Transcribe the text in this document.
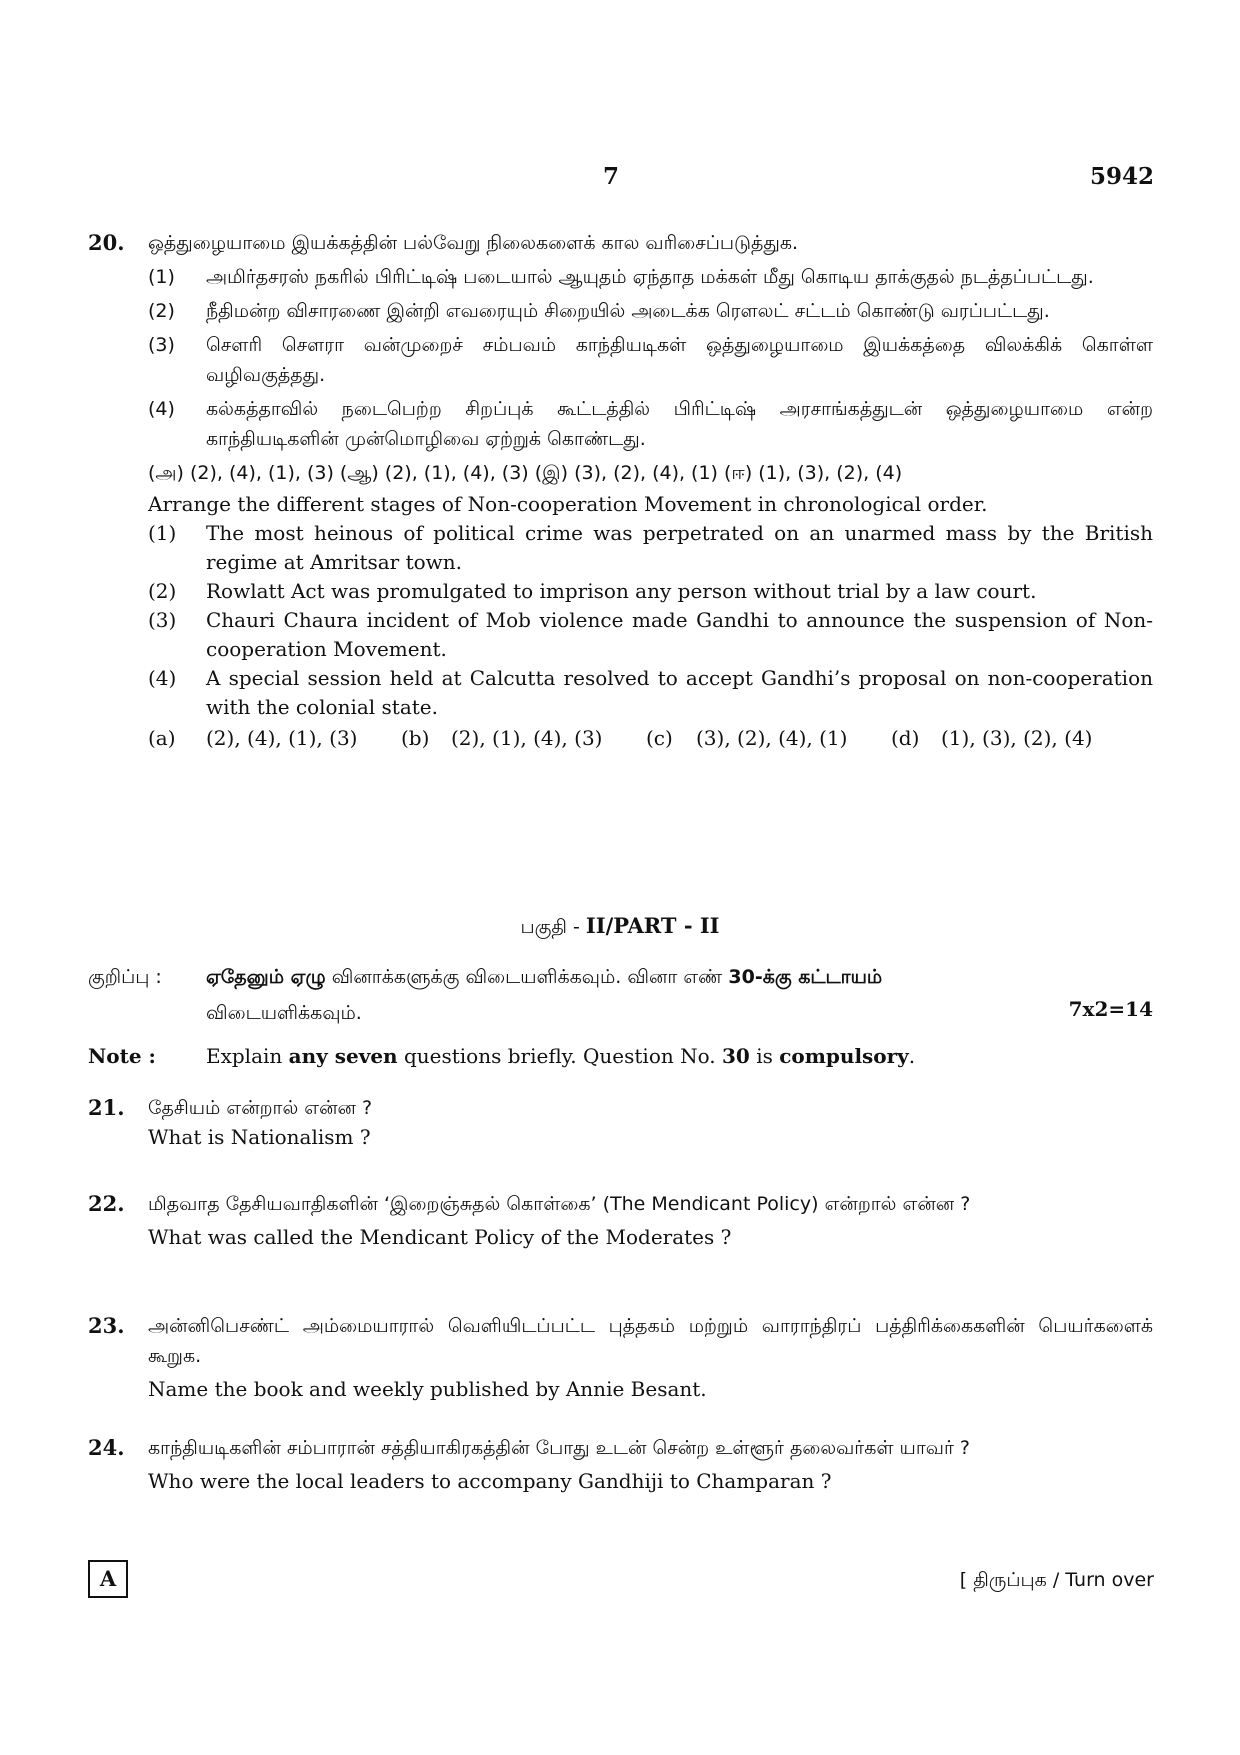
7	5942
20. ஒத்துழையாமை இயக்கத்தின் பல்வேறு நிலைகளைக் கால வரிசைப்படுத்துக.
(1)	அமிர்தசரஸ் நகரில் பிரிட்டிஷ் படையால் ஆயுதம் ஏந்தாத மக்கள் மீது கொடிய தாக்குதல் நடத்தப்பட்டது.
(2)	நீதிமன்ற விசாரணை இன்றி எவரையும் சிறையில் அடைக்க ரௌலட் சட்டம் கொண்டு வரப்பட்டது.
(3)	சௌரி சௌரா வன்முறைச் சம்பவம் காந்தியடிகள் ஒத்துழையாமை இயக்கத்தை விலக்கிக் கொள்ள வழிவகுத்தது.
(4)	கல்கத்தாவில் நடைபெற்ற சிறப்புக் கூட்டத்தில் பிரிட்டிஷ் அரசாங்கத்துடன் ஒத்துழையாமை என்ற காந்தியடிகளின் முன்மொழிவை ஏற்றுக் கொண்டது.
(அ) (2), (4), (1), (3) (ஆ) (2), (1), (4), (3) (இ) (3), (2), (4), (1) (ஈ) (1), (3), (2), (4)
Arrange the different stages of Non-cooperation Movement in chronological order.
(1)	The most heinous of political crime was perpetrated on an unarmed mass by the British regime at Amritsar town.
(2)	Rowlatt Act was promulgated to imprison any person without trial by a law court.
(3)	Chauri Chaura incident of Mob violence made Gandhi to announce the suspension of Non-cooperation Movement.
(4)	A special session held at Calcutta resolved to accept Gandhi’s proposal on non-cooperation with the colonial state.
(a)	(2), (4), (1), (3)	(b)	(2), (1), (4), (3)	(c)	(3), (2), (4), (1)	(d)	(1), (3), (2), (4)
பகுதி - II/PART - II
குறிப்பு : ஏதேனும் ஏழு வினாக்களுக்கு விடையளிக்கவும். வினா எண் 30-க்கு கட்டாயம்
விடையளிக்கவும்.	7x2=14
Note :	Explain any seven questions briefly. Question No. 30 is compulsory.
21. தேசியம் என்றால் என்ன ?
What is Nationalism ?
22. மிதவாத தேசியவாதிகளின் ‘இறைஞ்சுதல் கொள்கை’ (The Mendicant Policy) என்றால் என்ன ?
What was called the Mendicant Policy of the Moderates ?
23. அன்னிபெசண்ட் அம்மையாரால் வெளியிடப்பட்ட புத்தகம் மற்றும் வாராந்திரப் பத்திரிக்கைகளின் பெயர்களைக் கூறுக.
Name the book and weekly published by Annie Besant.
24. காந்தியடிகளின் சம்பாரான் சத்தியாகிரகத்தின் போது உடன் சென்ற உள்ளூர் தலைவர்கள் யாவர் ?
Who were the local leaders to accompany Gandhiji to Champaran ?
A	[ திருப்புக / Turn over
